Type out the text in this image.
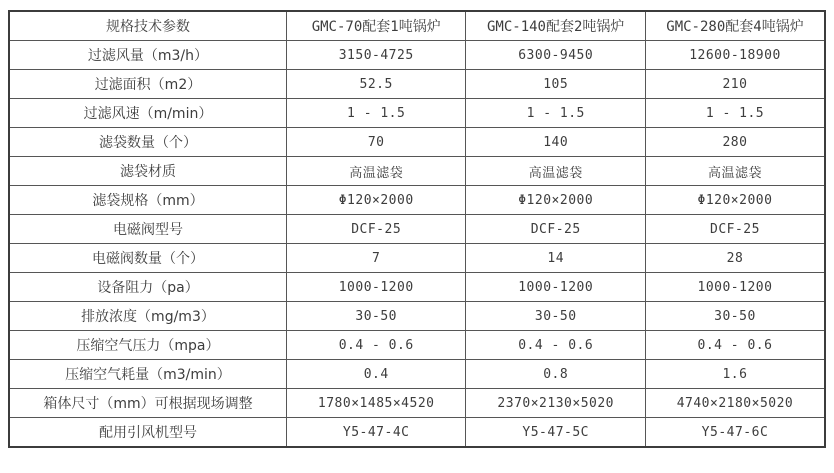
规格技术参数	GMC-70配套1吨锅炉	GMC-140配套2吨锅炉	GMC-280配套4吨锅炉
过滤风量（m3/h）	3150-4725	6300-9450	12600-18900
过滤面积（m2）	52.5	105	210
过滤风速（m/min）	1 - 1.5	1 - 1.5	1 - 1.5
滤袋数量（个）	70	140	280
滤袋材质	高温滤袋	高温滤袋	高温滤袋
滤袋规格（mm）	Φ120×2000	Φ120×2000	Φ120×2000
电磁阀型号	DCF-25	DCF-25	DCF-25
电磁阀数量（个）	7	14	28
设备阻力（pa）	1000-1200	1000-1200	1000-1200
排放浓度（mg/m3）	30-50	30-50	30-50
压缩空气压力（mpa）	0.4 - 0.6	0.4 - 0.6	0.4 - 0.6
压缩空气耗量（m3/min）	0.4	0.8	1.6
箱体尺寸（mm）可根据现场调整	1780×1485×4520	2370×2130×5020	4740×2180×5020
配用引风机型号	Y5-47-4C	Y5-47-5C	Y5-47-6C
